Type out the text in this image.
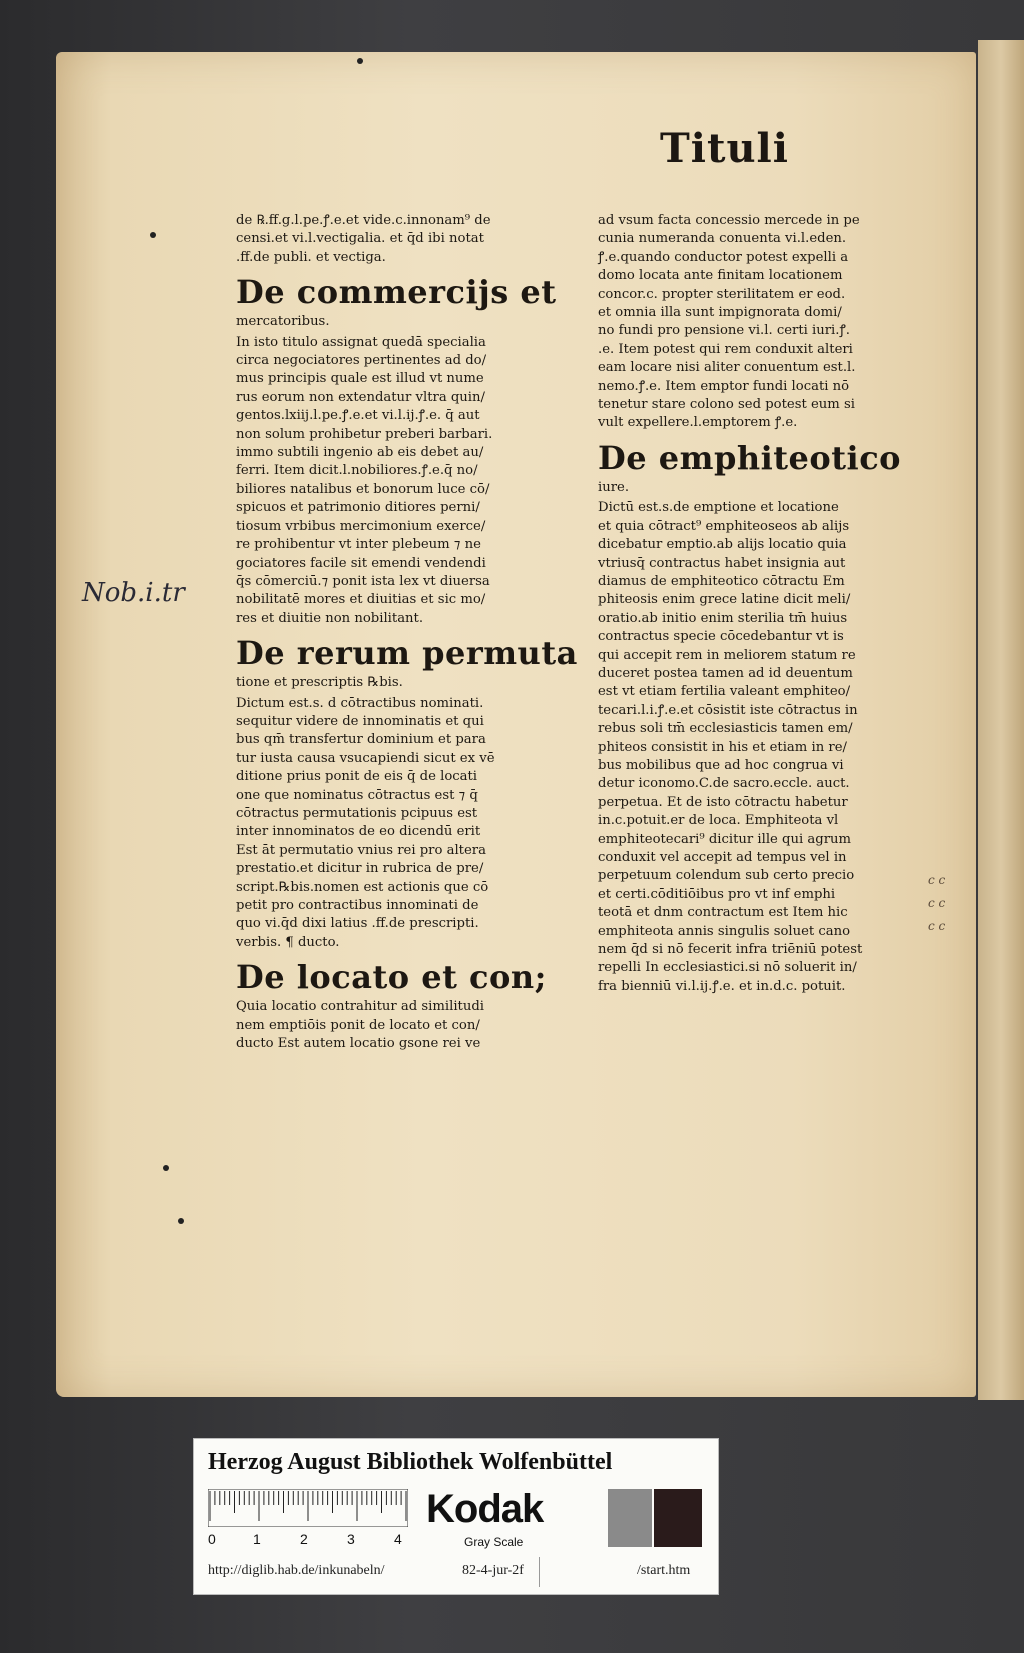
Tituli
Nob.i.tr
c c
c c
c c

de ℞.ff.g.l.pe.ꝭ.e.et vide.c.innonam⁹ de

censi.et vi.l.vectigalia. et q̄d ibi notat

.ff.de publi. et vectiga.

De commercijs et

mercatoribus.

In isto titulo assignat quedā specialia

circa negociatores pertinentes ad do/

mus principis quale est illud vt nume

rus eorum non extendatur vltra quin/

gentos.lxiij.l.pe.ꝭ.e.et vi.l.ij.ꝭ.e. q̄ aut

non solum prohibetur preberi barbari.

immo subtili ingenio ab eis debet au/

ferri. Item dicit.l.nobiliores.ꝭ.e.q̄ no/

biliores natalibus et bonorum luce cō/

spicuos et patrimonio ditiores perni/

tiosum vrbibus mercimonium exerce/

re prohibentur vt inter plebeum ⁊ ne

gociatores facile sit emendi vendendi

q̄s cōmerciū.⁊ ponit ista lex vt diuersa

nobilitatē mores et diuitias et sic mo/

res et diuitie non nobilitant.

De rerum permuta

tione et prescriptis ℞bis.

Dictum est.s. d cōtractibus nominati.

sequitur videre de innominatis et qui

bus qm̄ transfertur dominium et para

tur iusta causa vsucapiendi sicut ex vē

ditione prius ponit de eis q̄ de locati

one que nominatus cōtractus est ⁊ q̄

cōtractus permutationis pcipuus est

inter innominatos de eo dicendū erit

Est āt permutatio vnius rei pro altera

prestatio.et dicitur in rubrica de pre/

script.℞bis.nomen est actionis que cō

petit pro contractibus innominati de

quo vi.q̄d dixi latius .ff.de prescripti.

verbis. ¶ ducto.

De locato et con;

Quia locatio contrahitur ad similitudi

nem emptiōis ponit de locato et con/

ducto Est autem locatio gsone rei ve

ad vsum facta concessio mercede in pe

cunia numeranda conuenta vi.l.eden.

ꝭ.e.quando conductor potest expelli a

domo locata ante finitam locationem

concor.c. propter sterilitatem er eod.

et omnia illa sunt impignorata domi/

no fundi pro pensione vi.l. certi iuri.ꝭ.

.e. Item potest qui rem conduxit alteri

eam locare nisi aliter conuentum est.l.

nemo.ꝭ.e. Item emptor fundi locati nō

tenetur stare colono sed potest eum si

vult expellere.l.emptorem ꝭ.e.

De emphiteotico

iure.

Dictū est.s.de emptione et locatione

et quia cōtract⁹ emphiteoseos ab alijs

dicebatur emptio.ab alijs locatio quia

vtriusq̄ contractus habet insignia aut

diamus de emphiteotico cōtractu Em

phiteosis enim grece latine dicit meli/

oratio.ab initio enim sterilia tm̄ huius

contractus specie cōcedebantur vt is

qui accepit rem in meliorem statum re

duceret postea tamen ad id deuentum

est vt etiam fertilia valeant emphiteo/

tecari.l.i.ꝭ.e.et cōsistit iste cōtractus in

rebus soli tm̄ ecclesiasticis tamen em/

phiteos consistit in his et etiam in re/

bus mobilibus que ad hoc congrua vi

detur iconomo.C.de sacro.eccle. auct.

perpetua. Et de isto cōtractu habetur

in.c.potuit.er de loca. Emphiteota vl

emphiteotecari⁹ dicitur ille qui agrum

conduxit vel accepit ad tempus vel in

perpetuum colendum sub certo precio

et certi.cōditiōibus pro vt inf emphi

teotā et dnm contractum est Item hic

emphiteota annis singulis soluet cano

nem q̄d si nō fecerit infra triēniū potest

repelli In ecclesiastici.si nō soluerit in/

fra bienniū vi.l.ij.ꝭ.e. et in.d.c. potuit.

Herzog August Bibliothek Wolfenbüttel
0	1	2	3	4
Kodak
Gray Scale
http://diglib.hab.de/inkunabeln/	82-4-jur-2f	/start.htm
